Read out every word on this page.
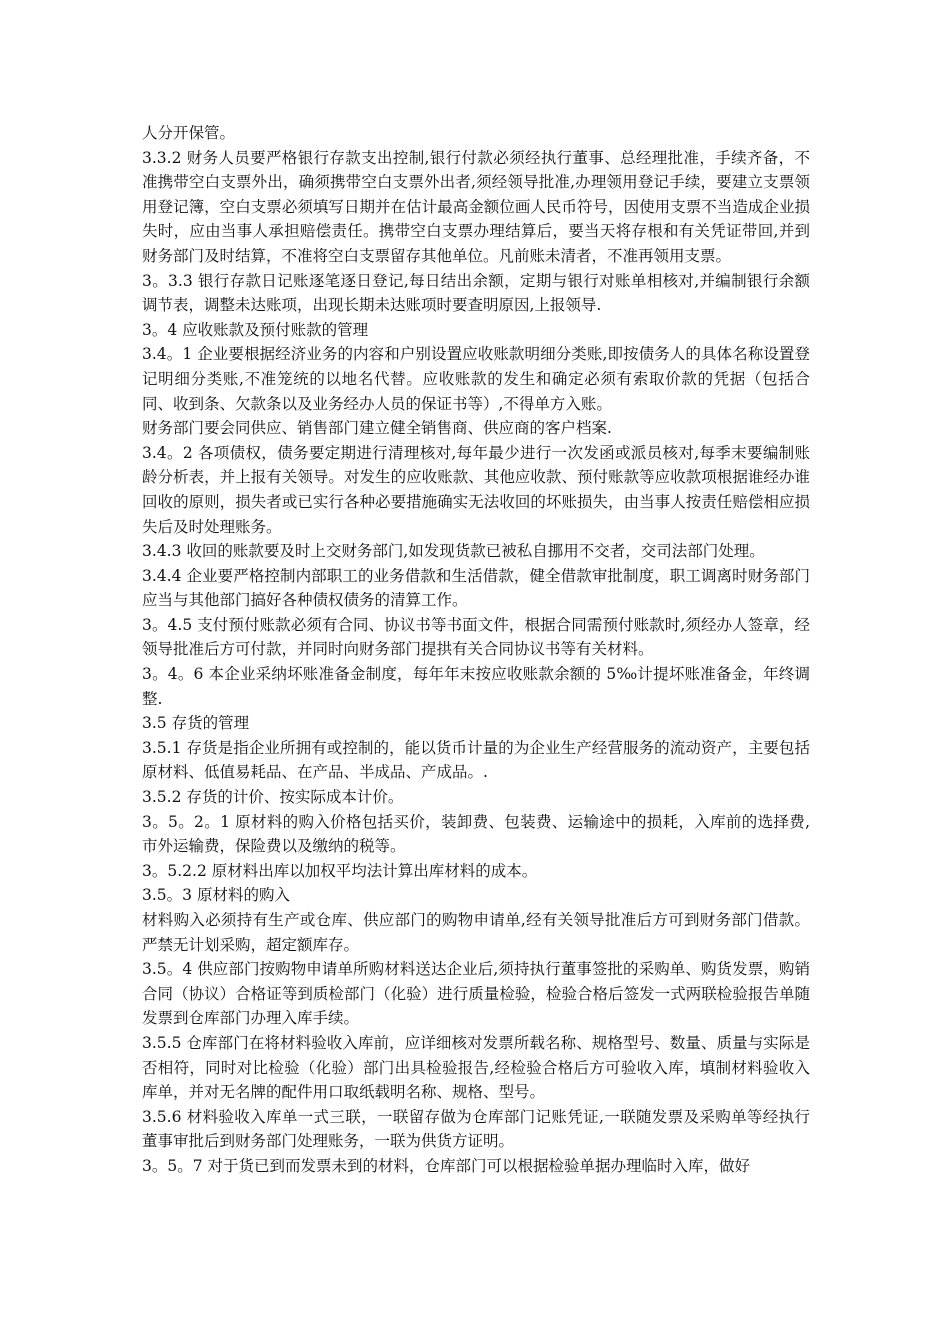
人分开保管。

3.3.2 财务人员要严格银行存款支出控制,银行付款必须经执行董事、总经理批准，手续齐备，不准携带空白支票外出，确须携带空白支票外出者,须经领导批准,办理领用登记手续，要建立支票领用登记簿，空白支票必须填写日期并在估计最高金额位画人民币符号，因使用支票不当造成企业损失时，应由当事人承担赔偿责任。携带空白支票办理结算后，要当天将存根和有关凭证带回,并到财务部门及时结算，不准将空白支票留存其他单位。凡前账未清者，不准再领用支票。

3。3.3 银行存款日记账逐笔逐日登记,每日结出余额，定期与银行对账单相核对,并编制银行余额调节表，调整未达账项，出现长期未达账项时要查明原因,上报领导.

3。4 应收账款及预付账款的管理

3.4。1 企业要根据经济业务的内容和户别设置应收账款明细分类账,即按债务人的具体名称设置登记明细分类账,不准笼统的以地名代替。应收账款的发生和确定必须有索取价款的凭据（包括合同、收到条、欠款条以及业务经办人员的保证书等）,不得单方入账。

财务部门要会同供应、销售部门建立健全销售商、供应商的客户档案.

3.4。2 各项债权，债务要定期进行清理核对,每年最少进行一次发函或派员核对,每季末要编制账龄分析表，并上报有关领导。对发生的应收账款、其他应收款、预付账款等应收款项根据谁经办谁回收的原则，损失者或已实行各种必要措施确实无法收回的坏账损失，由当事人按责任赔偿相应损失后及时处理账务。

3.4.3 收回的账款要及时上交财务部门,如发现货款已被私自挪用不交者，交司法部门处理。

3.4.4 企业要严格控制内部职工的业务借款和生活借款，健全借款审批制度，职工调离时财务部门应当与其他部门搞好各种债权债务的清算工作。

3。4.5 支付预付账款必须有合同、协议书等书面文件，根据合同需预付账款时,须经办人签章，经领导批准后方可付款，并同时向财务部门提拱有关合同协议书等有关材料。

3。4。6 本企业采纳坏账准备金制度，每年年末按应收账款余额的 5‰计提坏账准备金，年终调整.

3.5 存货的管理

3.5.1 存货是指企业所拥有或控制的，能以货币计量的为企业生产经营服务的流动资产，主要包括原材料、低值易耗品、在产品、半成品、产成品。.

3.5.2 存货的计价、按实际成本计价。

3。5。2。1 原材料的购入价格包括买价，装卸费、包装费、运输途中的损耗，入库前的选择费,市外运输费，保险费以及缴纳的税等。

3。5.2.2 原材料出库以加权平均法计算出库材料的成本。

3.5。3 原材料的购入

材料购入必须持有生产或仓库、供应部门的购物申请单,经有关领导批准后方可到财务部门借款。严禁无计划采购，超定额库存。

3.5。4 供应部门按购物申请单所购材料送达企业后,须持执行董事签批的采购单、购货发票，购销合同（协议）合格证等到质检部门（化验）进行质量检验，检验合格后签发一式两联检验报告单随发票到仓库部门办理入库手续。

3.5.5 仓库部门在将材料验收入库前，应详细核对发票所载名称、规格型号、数量、质量与实际是否相符，同时对比检验（化验）部门出具检验报告,经检验合格后方可验收入库，填制材料验收入库单，并对无名牌的配件用口取纸载明名称、规格、型号。

3.5.6 材料验收入库单一式三联，一联留存做为仓库部门记账凭证,一联随发票及采购单等经执行董事审批后到财务部门处理账务，一联为供货方证明。

3。5。7 对于货已到而发票未到的材料，仓库部门可以根据检验单据办理临时入库，做好
